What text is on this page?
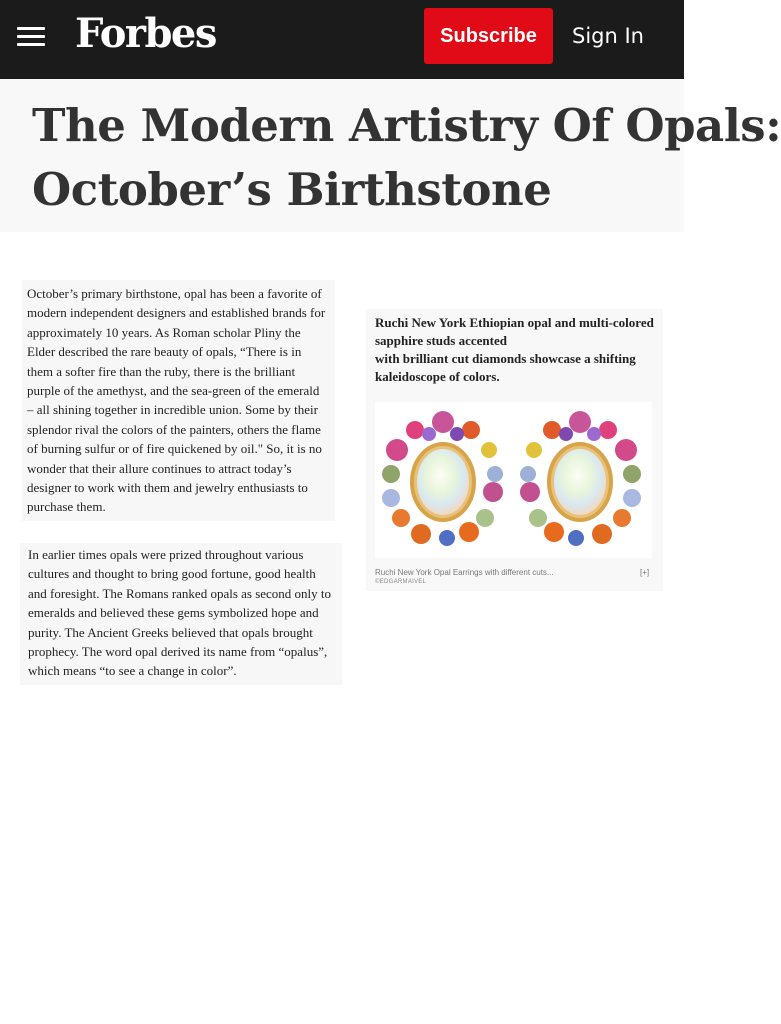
Forbes	Subscribe	Sign In
The Modern Artistry Of Opals:
October’s Birthstone

October’s primary birthstone, opal has been a favorite of modern independent designers and established brands for approximately 10 years. As Roman scholar Pliny the Elder described the rare beauty of opals, “There is in them a softer fire than the ruby, there is the brilliant purple of the amethyst, and the sea-green of the emerald – all shining together in incredible union. Some by their splendor rival the colors of the painters, others the flame of burning sulfur or of fire quickened by oil." So, it is no wonder that their allure continues to attract today’s designer to work with them and jewelry enthusiasts to purchase them.

In earlier times opals were prized throughout various cultures and thought to bring good fortune, good health and foresight. The Romans ranked opals as second only to emeralds and believed these gems symbolized hope and purity. The Ancient Greeks believed that opals brought prophecy. The word opal derived its name from “opalus”, which means “to see a change in color”.

Ruchi New York Ethiopian opal and multi-colored sapphire studs accented
with brilliant cut diamonds showcase a shifting kaleidoscope of colors.

Ruchi New York Opal Earrings with different cuts...	[+]
©EDGARMAIVEL
